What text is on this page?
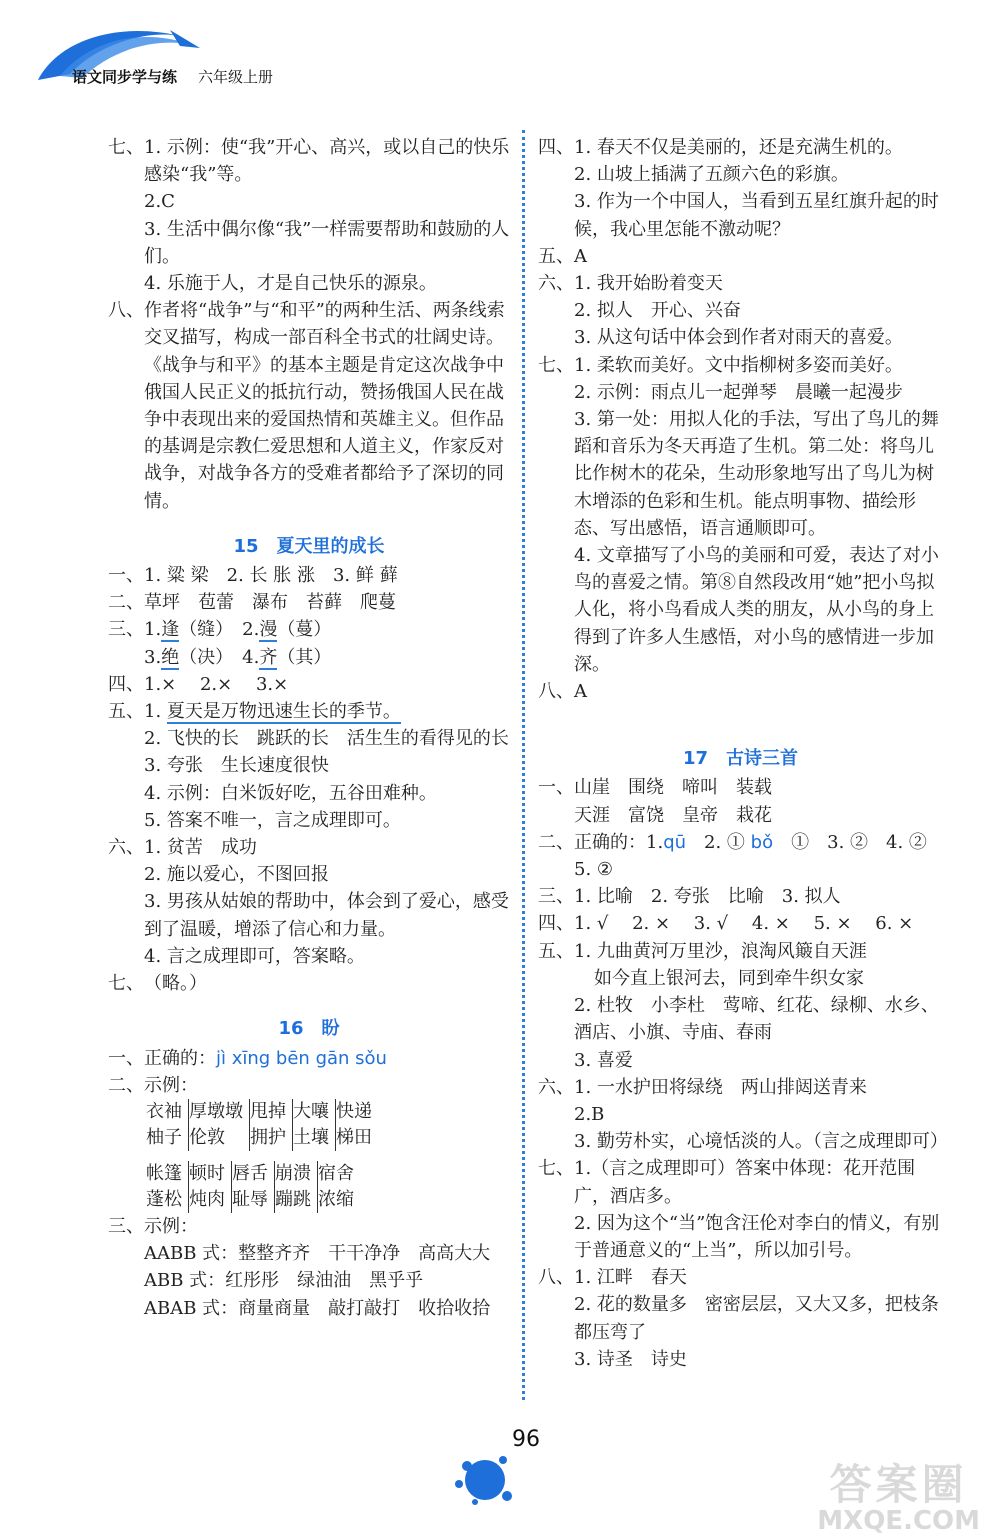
语文同步学与练 六年级上册
七、 1. 示例：使“我”开心、高兴，或以自己的快乐感染“我”等。
2.C
3. 生活中偶尔像“我”一样需要帮助和鼓励的人们。
4. 乐施于人，才是自己快乐的源泉。
八、 作者将“战争”与“和平”的两种生活、两条线索交叉描写，构成一部百科全书式的壮阔史诗。《战争与和平》的基本主题是肯定这次战争中俄国人民正义的抵抗行动，赞扬俄国人民在战争中表现出来的爱国热情和英雄主义。但作品的基调是宗教仁爱思想和人道主义，作家反对战争，对战争各方的受难者都给予了深切的同情。
15 夏天里的成长
一、 1. 粱 梁　2. 长 胀 涨　3. 鲜 藓
二、 草坪　苞蕾　瀑布　苔藓　爬蔓
三、 1.逢（缝）　2.漫（蔓）
3.绝（决）　4.齐（其）
四、 1.×　 2.×　 3.×
五、 1. 夏天是万物迅速生长的季节。
2. 飞快的长　跳跃的长　活生生的看得见的长
3. 夸张　生长速度很快
4. 示例：白米饭好吃，五谷田难种。
5. 答案不唯一，言之成理即可。
六、 1. 贫苦　成功
2. 施以爱心，不图回报
3. 男孩从姑娘的帮助中，体会到了爱心，感受到了温暖，增添了信心和力量。
4. 言之成理即可，答案略。
七、 （略。）
16 盼
一、 正确的：jì xīng bēn gān sǒu
二、 示例：
衣袖	厚墩墩	甩掉	大嚷	快递
柚子	伦敦	拥护	土壤	梯田
帐篷	顿时	唇舌	崩溃	宿舍
蓬松	炖肉	耻辱	蹦跳	浓缩
三、 示例：
AABB 式：整整齐齐　干干净净　高高大大
ABB 式：红彤彤　绿油油　黑乎乎
ABAB 式：商量商量　敲打敲打　收拾收拾
四、 1. 春天不仅是美丽的，还是充满生机的。
2. 山坡上插满了五颜六色的彩旗。
3. 作为一个中国人，当看到五星红旗升起的时候，我心里怎能不激动呢？
五、 A
六、 1. 我开始盼着变天
2. 拟人　开心、兴奋
3. 从这句话中体会到作者对雨天的喜爱。
七、 1. 柔软而美好。文中指柳树多姿而美好。
2. 示例：雨点儿一起弹琴　晨曦一起漫步
3. 第一处：用拟人化的手法，写出了鸟儿的舞蹈和音乐为冬天再造了生机。第二处：将鸟儿比作树木的花朵，生动形象地写出了鸟儿为树木增添的色彩和生机。能点明事物、描绘形态、写出感悟，语言通顺即可。
4. 文章描写了小鸟的美丽和可爱，表达了对小鸟的喜爱之情。第⑧自然段改用“她”把小鸟拟人化，将小鸟看成人类的朋友，从小鸟的身上得到了许多人生感悟，对小鸟的感情进一步加深。
八、 A
17 古诗三首
一、 山崖　围绕　啼叫　装载
天涯　富饶　皇帝　栽花
二、 正确的：1.qū　2. ① bǒ　①　3. ②　4. ②
5. ②
三、 1. 比喻　2. 夸张　比喻　3. 拟人
四、 1. √　 2. ×　 3. √　 4. ×　 5. ×　 6. ×
五、 1. 九曲黄河万里沙，浪淘风簸自天涯
如今直上银河去，同到牵牛织女家
2. 杜牧　小李杜　莺啼、红花、绿柳、水乡、酒店、小旗、寺庙、春雨
3. 喜爱
六、 1. 一水护田将绿绕　两山排闼送青来
2.B
3. 勤劳朴实，心境恬淡的人。（言之成理即可）
七、 1.（言之成理即可）答案中体现：花开范围广，酒店多。
2. 因为这个“当”饱含汪伦对李白的情义，有别于普通意义的“上当”，所以加引号。
八、 1. 江畔　春天
2. 花的数量多　密密层层，又大又多，把枝条都压弯了
3. 诗圣　诗史
96
答案圈
MXQE.COM
